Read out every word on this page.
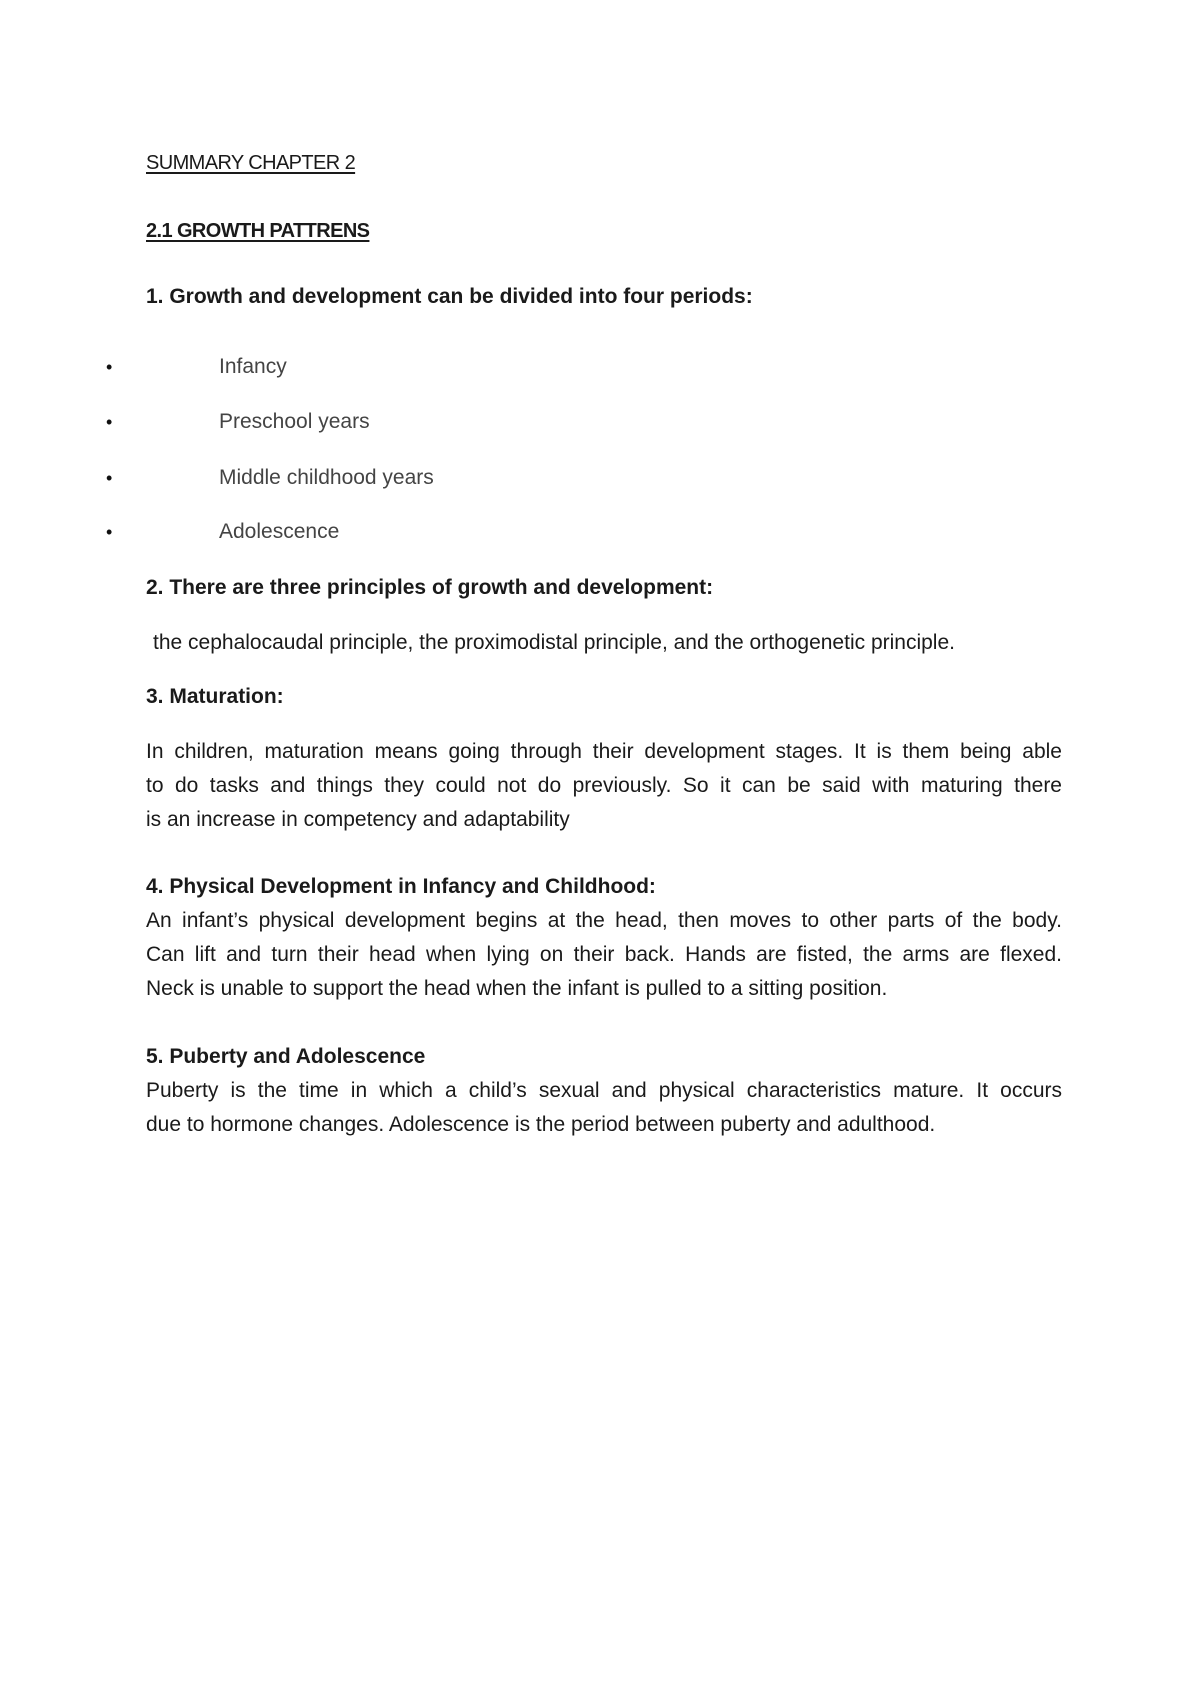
SUMMARY CHAPTER 2
2.1 GROWTH PATTRENS
1. Growth and development can be divided into four periods:
•	Infancy
•	Preschool years
•	Middle childhood years
•	Adolescence
2. There are three principles of growth and development:
the cephalocaudal principle, the proximodistal principle, and the orthogenetic principle.
3. Maturation:
In children, maturation means going through their development stages. It is them being able
to do tasks and things they could not do previously. So it can be said with maturing there
is an increase in competency and adaptability
4. Physical Development in Infancy and Childhood:
An infant’s physical development begins at the head, then moves to other parts of the body.
Can lift and turn their head when lying on their back. Hands are fisted, the arms are flexed.
Neck is unable to support the head when the infant is pulled to a sitting position.
5. Puberty and Adolescence
Puberty is the time in which a child’s sexual and physical characteristics mature. It occurs
due to hormone changes. Adolescence is the period between puberty and adulthood.
